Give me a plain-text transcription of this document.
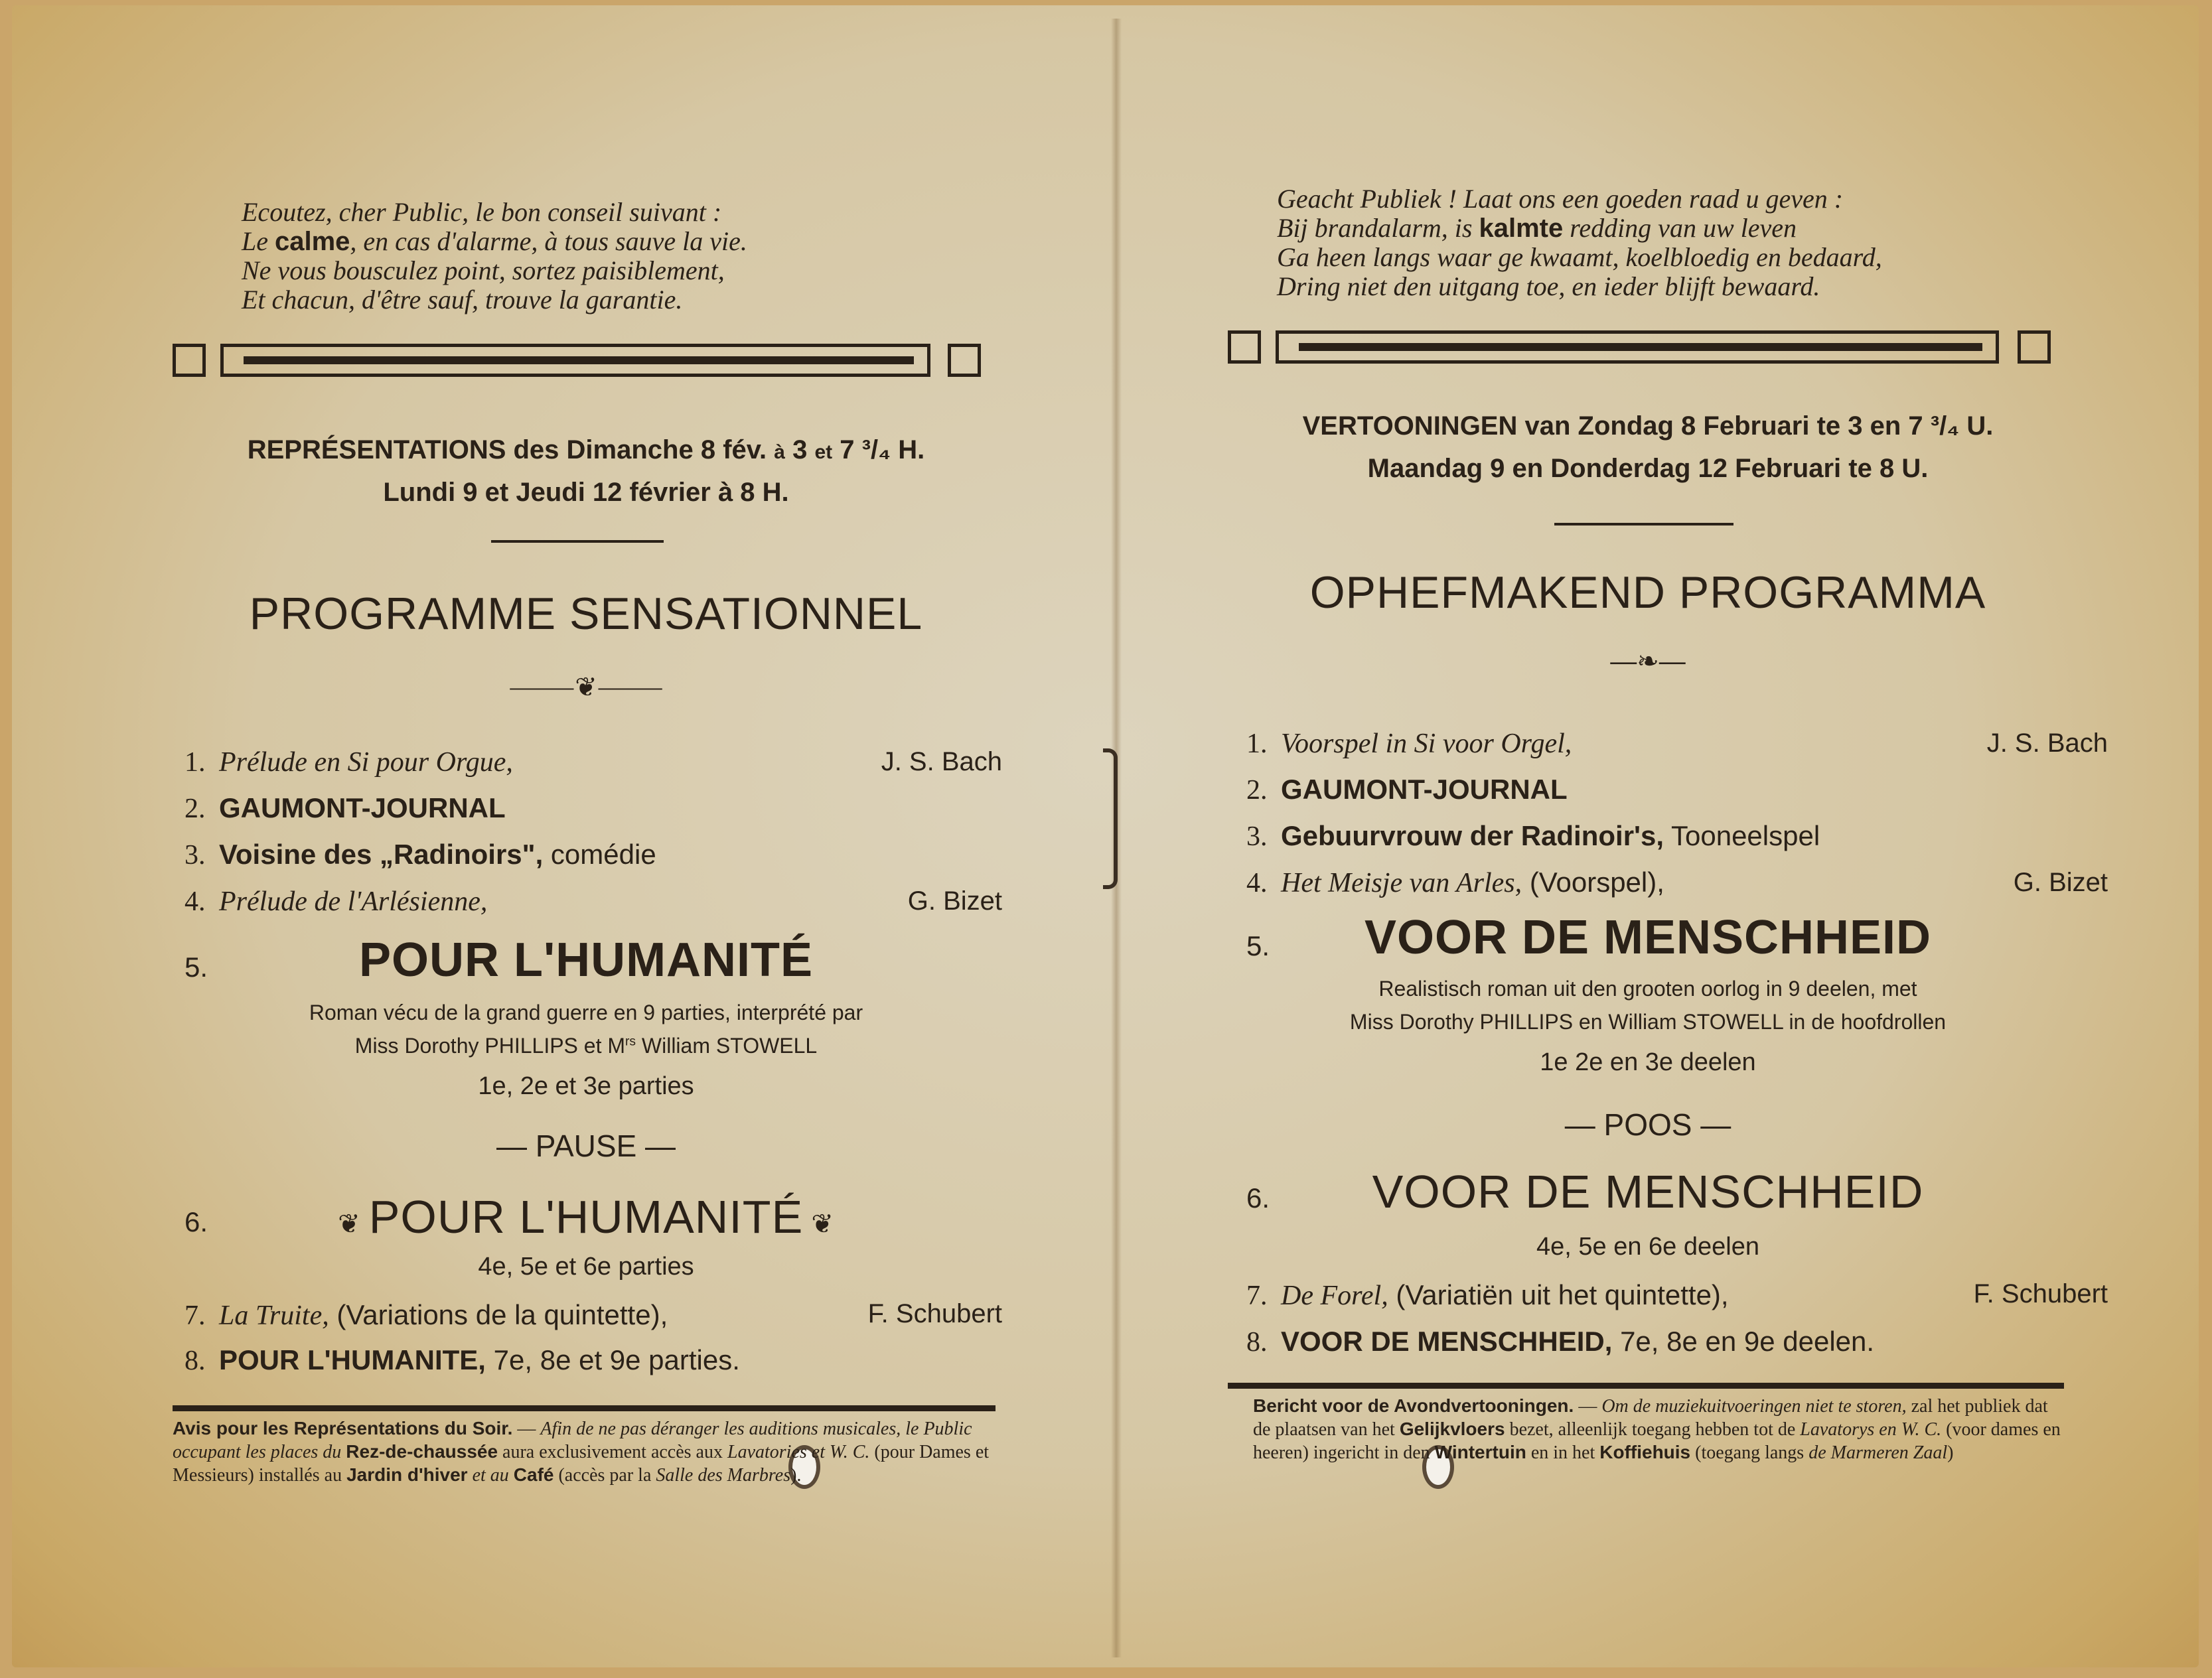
Ecoutez, cher Public, le bon conseil suivant :
Le calme, en cas d'alarme, à tous sauve la vie.
Ne vous bousculez point, sortez paisiblement,
Et chacun, d'être sauf, trouve la garantie.
REPRÉSENTATIONS des Dimanche 8 fév. à 3 et 7 ³/₄ H.
Lundi 9 et Jeudi 12 février à 8 H.
PROGRAMME SENSATIONNEL
⸻❦⸻
1. Prélude en Si pour Orgue,	J. S. Bach
2. GAUMONT-JOURNAL
3. Voisine des „Radinoirs", comédie
4. Prélude de l'Arlésienne,	G. Bizet
5.	POUR L'HUMANITÉ
Roman vécu de la grand guerre en 9 parties, interprété par
Miss Dorothy PHILLIPS et $M^{rs}$ William STOWELL
1e, 2e et 3e parties
— PAUSE —
6.	❦ POUR L'HUMANITÉ ❦
4e, 5e et 6e parties
7. La Truite, (Variations de la quintette),	F. Schubert
8. POUR L'HUMANITE, 7e, 8e et 9e parties.
Avis pour les Représentations du Soir. — Afin de ne pas déranger les auditions musicales, le Public occupant les places du Rez-de-chaussée aura exclusivement accès aux Lavatories et W. C. (pour Dames et Messieurs) installés au Jardin d'hiver et au Café (accès par la Salle des Marbres).
Geacht Publiek ! Laat ons een goeden raad u geven :
Bij brandalarm, is kalmte redding van uw leven
Ga heen langs waar ge kwaamt, koelbloedig en bedaard,
Dring niet den uitgang toe, en ieder blijft bewaard.
VERTOONINGEN van Zondag 8 Februari te 3 en 7 ³/₄ U.
Maandag 9 en Donderdag 12 Februari te 8 U.
OPHEFMAKEND PROGRAMMA
—❧—
1. Voorspel in Si voor Orgel,	J. S. Bach
2. GAUMONT-JOURNAL
3. Gebuurvrouw der Radinoir's, Tooneelspel
4. Het Meisje van Arles, (Voorspel),	G. Bizet
5.	VOOR DE MENSCHHEID
Realistisch roman uit den grooten oorlog in 9 deelen, met
Miss Dorothy PHILLIPS en William STOWELL in de hoofdrollen
1e 2e en 3e deelen
— POOS —
6.	VOOR DE MENSCHHEID
4e, 5e en 6e deelen
7. De Forel, (Variatiën uit het quintette),	F. Schubert
8. VOOR DE MENSCHHEID, 7e, 8e en 9e deelen.
Bericht voor de Avondvertooningen. — Om de muziekuitvoeringen niet te storen, zal het publiek dat de plaatsen van het Gelijkvloers bezet, alleenlijk toegang hebben tot de Lavatorys en W. C. (voor dames en heeren) ingericht in den Wintertuin en in het Koffiehuis (toegang langs de Marmeren Zaal)
